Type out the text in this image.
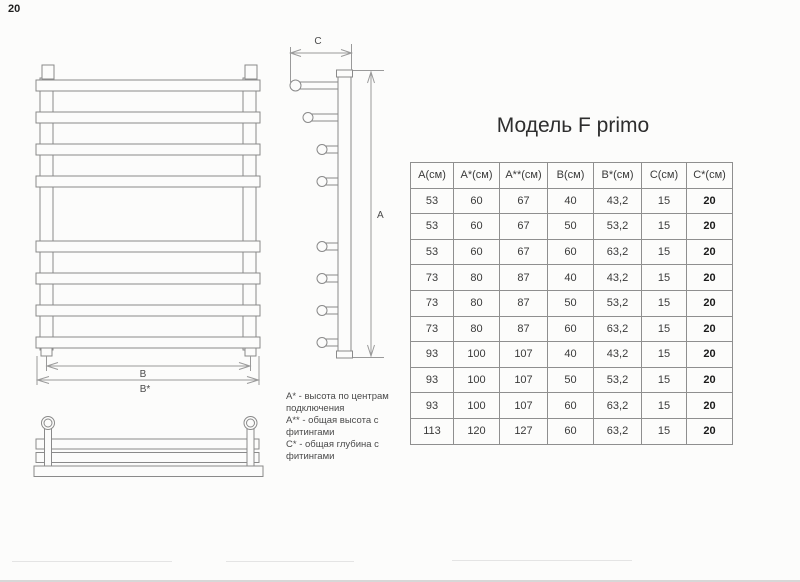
20
B
B*
C
A
А* - высота по центрам подключения
А** - общая высота с фитингами
С* - общая глубина с фитингами
Модель F primo
А(см)	А*(см)	А**(см)	В(см)	В*(см)	С(см)	С*(см)
53	60	67	40	43,2	15	20
53	60	67	50	53,2	15	20
53	60	67	60	63,2	15	20
73	80	87	40	43,2	15	20
73	80	87	50	53,2	15	20
73	80	87	60	63,2	15	20
93	100	107	40	43,2	15	20
93	100	107	50	53,2	15	20
93	100	107	60	63,2	15	20
113	120	127	60	63,2	15	20
